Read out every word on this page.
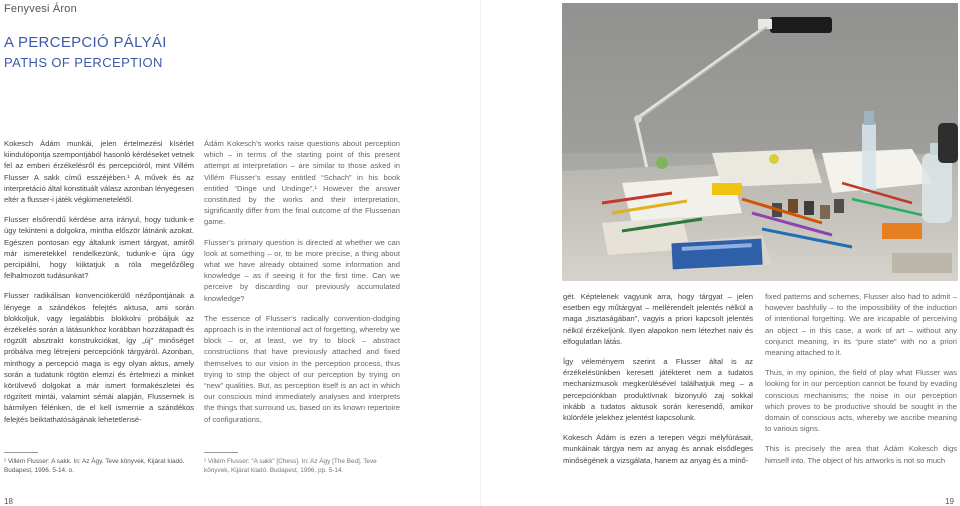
Fenyvesi Áron
A PERCEPCIÓ PÁLYÁI
PATHS OF PERCEPTION

Kokesch Ádám munkái, jelen értelmezési kísérlet kiindulópontja szempontjából hasonló kérdéseket vetnek fel az emberi érzékelésről és percepcióról, mint Villém Flusser A sakk című esszéjében.¹ A művek és az interpretáció által konstituált válasz azonban lényegesen eltér a flusser-i játék végkimenetelétől.

Flusser elsőrendű kérdése arra irányul, hogy tudunk-e úgy tekinteni a dolgokra, mintha először látnánk azokat. Egészen pontosan egy általunk ismert tárgyat, amiről már ismeretekkel rendelkezünk, tudunk-e újra úgy percipiálni, hogy kiiktatjuk a róla megelőzőleg felhalmozott tudásunkat?

Flusser radikálisan konvenciókerülő nézőpontjának a lényege a szándékos felejtés aktusa, ami során blokkoljuk, vagy legalábbis blokkolni próbáljuk az érzékelés során a látásunkhoz korábban hozzátapadt és rögzült absztrakt konstrukciókat, így „új” minőséget próbálva meg létrejeni percepciónk tárgyáról. Azonban, minthogy a percepció maga is egy olyan aktus, amely során a tudatunk rögtön elemzi és értelmezi a minket körülvevő dolgokat a már ismert formakészletei és rögzített mintái, valamint sémái alapján, Flussernek is bármilyen félénken, de el kell ismernie a szándékos felejtés beiktathatóságának lehetetlensé-

Ádám Kokesch’s works raise questions about perception which – in terms of the starting point of this present attempt at interpretation – are similar to those asked in Villém Flusser’s essay entitled “Schach” in his book entitled “Dinge und Undinge”.¹ However the answer constituted by the works and their interpretation, significantly differ from the final outcome of the Flusserian game.

Flusser’s primary question is directed at whether we can look at something – or, to be more precise, a thing about what we have already obtained some information and knowledge – as if seeing it for the first time. Can we perceive by discarding our previously accumulated knowledge?

The essence of Flusser’s radically convention-dodging approach is in the intentional act of forgetting, whereby we block – or, at least, we try to block – abstract constructions that have previously attached and fixed themselves to our vision in the perception process, thus trying to strip the object of our perception by trying on “new” qualities. But, as perception itself is an act in which our conscious mind immediately analyses and interprets the things that surround us, based on its known repertoire of configurations,

¹ Villém Flusser: A sakk. In: Az Ágy. Teve könyvek, Kijárat kiadó. Budapest, 1996. 5-14. o.
¹ Villém Flusser: “A sakk” [Chess]. In: Az Ágy [The Bed]. Teve könyvek, Kijárat kiadó. Budapest, 1996. pp. 5-14.
18

gét. Képtelenek vagyunk arra, hogy tárgyat – jelen esetben egy műtárgyat – mellérendelt jelentés nélkül a maga „tisztaságában”, vagyis a priori kapcsolt jelentés nélkül érzékeljünk. Ilyen alapokon nem létezhet naiv és elfogulatlan látás.

Így véleményem szerint a Flusser által is az érzékelésünkben keresett játékteret nem a tudatos mechanizmusok megkerülésével találhatjuk meg – a percepciónkban produktívnak bizonyuló zaj sokkal inkább a tudatos aktusok során keresendő, amikor különféle jelekhez jelentést kapcsolunk.

Kokesch Ádám is ezen a terepen végzi mélyfúrásait, munkáinak tárgya nem az anyag és annak elsődleges minőségének a vizsgálata, hanem az anyag és a minő-

fixed patterns and schemes, Flusser also had to admit – however bashfully – to the impossibility of the induction of intentional forgetting. We are incapable of perceiving an object – in this case, a work of art – without any conjunct meaning, in its “pure state” with no a priori meaning attached to it.

Thus, in my opinion, the field of play what Flusser was looking for in our perception cannot be found by evading conscious mechanisms; the noise in our perception which proves to be productive should be sought in the domain of conscious acts, whereby we ascribe meaning to various signs.

This is precisely the area that Ádám Kokesch digs himself into. The object of his artworks is not so much

19
